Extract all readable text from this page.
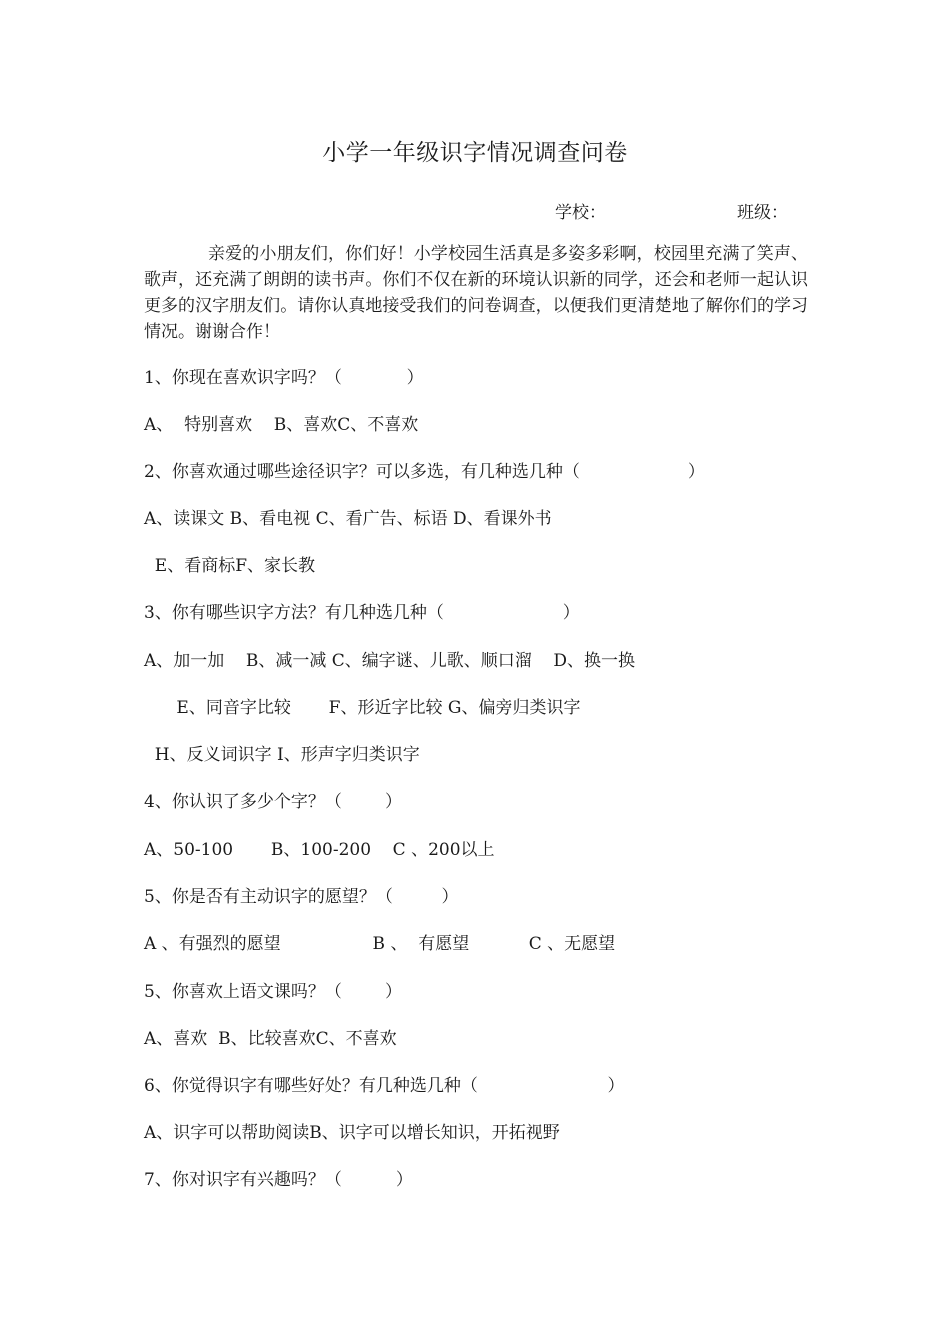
小学一年级识字情况调查问卷
学校：	班级：

亲爱的小朋友们，你们好！小学校园生活真是多姿多彩啊，校园里充满了笑声、歌声，还充满了朗朗的读书声。你们不仅在新的环境认识新的同学，还会和老师一起认识更多的汉字朋友们。请你认真地接受我们的问卷调查，以便我们更清楚地了解你们的学习情况。谢谢合作！

1、你现在喜欢识字吗？（            ）
A、  特别喜欢    B、喜欢C、不喜欢
2、你喜欢通过哪些途径识字？可以多选，有几种选几种（                    ）
A、读课文 B、看电视 C、看广告、标语 D、看课外书
E、看商标F、家长教
3、你有哪些识字方法？有几种选几种（                      ）
A、加一加    B、减一减 C、编字谜、儿歌、顺口溜    D、换一换
E、同音字比较       F、形近字比较 G、偏旁归类识字
H、反义词识字 I、形声字归类识字
4、你认识了多少个字？（        ）
A、50-100       B、100-200    C 、200以上
5、你是否有主动识字的愿望？（         ）
A 、有强烈的愿望                 B 、  有愿望           C 、无愿望
5、你喜欢上语文课吗？（        ）
A、喜欢  B、比较喜欢C、不喜欢
6、你觉得识字有哪些好处？有几种选几种（                        ）
A、识字可以帮助阅读B、识字可以增长知识，开拓视野
7、你对识字有兴趣吗？（          ）
